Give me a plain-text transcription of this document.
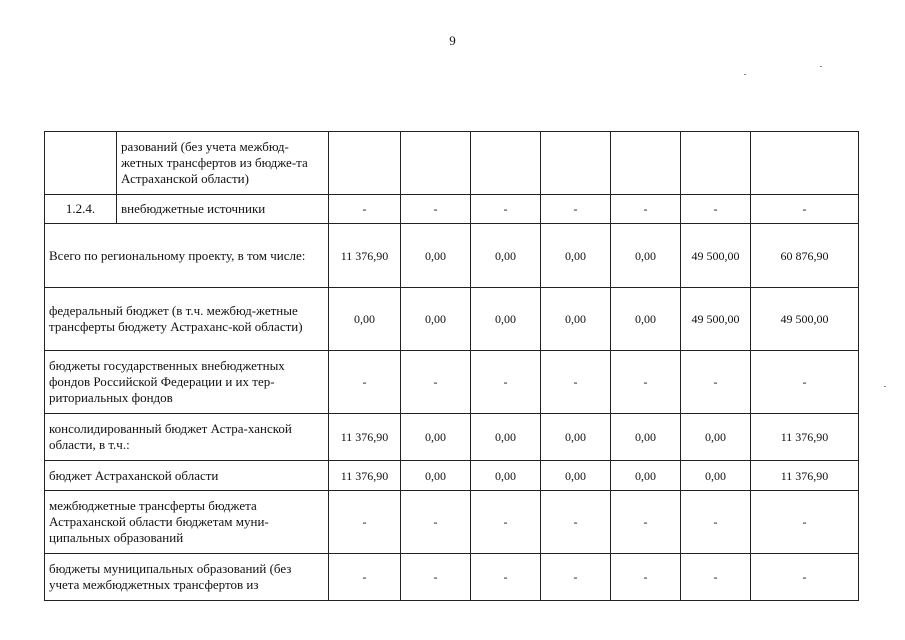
9
	разований (без учета межбюд-жетных трансфертов из бюдже-та Астраханской области)							
1.2.4.	внебюджетные источники	-	-	-	-	-	-	-
Всего по региональному проекту, в том числе:		11 376,90	0,00	0,00	0,00	0,00	49 500,00	60 876,90
федеральный бюджет (в т.ч. межбюд-жетные трансферты бюджету Астраханс-кой области)		0,00	0,00	0,00	0,00	0,00	49 500,00	49 500,00
бюджеты государственных внебюджетных фондов Российской Федерации и их тер-риториальных фондов		-	-	-	-	-	-	-
консолидированный бюджет Астра-ханской области, в т.ч.:		11 376,90	0,00	0,00	0,00	0,00	0,00	11 376,90
бюджет Астраханской области		11 376,90	0,00	0,00	0,00	0,00	0,00	11 376,90
межбюджетные трансферты бюджета Астраханской области бюджетам муни-ципальных образований		-	-	-	-	-	-	-
бюджеты муниципальных образований (без учета межбюджетных трансфертов из		-	-	-	-	-	-	-
